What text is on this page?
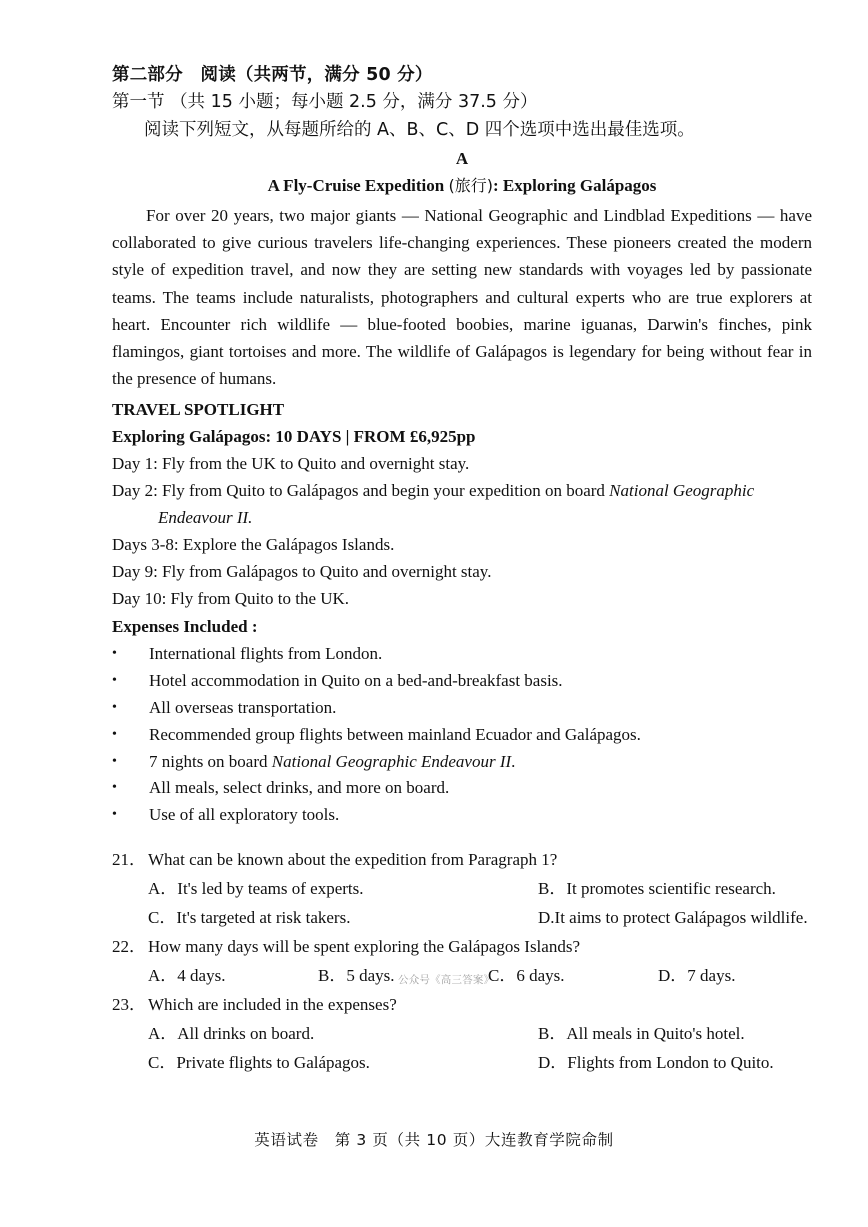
第二部分　阅读（共两节，满分 50 分）
第一节 （共 15 小题；每小题 2.5 分，满分 37.5 分）
阅读下列短文，从每题所给的 A、B、C、D 四个选项中选出最佳选项。
A
A Fly-Cruise Expedition (旅行): Exploring Galápagos
For over 20 years, two major giants — National Geographic and Lindblad Expeditions — have collaborated to give curious travelers life-changing experiences. These pioneers created the modern style of expedition travel, and now they are setting new standards with voyages led by passionate teams. The teams include naturalists, photographers and cultural experts who are true explorers at heart. Encounter rich wildlife — blue-footed boobies, marine iguanas, Darwin's finches, pink flamingos, giant tortoises and more. The wildlife of Galápagos is legendary for being without fear in the presence of humans.
TRAVEL SPOTLIGHT
Exploring Galápagos: 10 DAYS | FROM £6,925pp
Day 1: Fly from the UK to Quito and overnight stay.
Day 2: Fly from Quito to Galápagos and begin your expedition on board National Geographic
Endeavour II.
Days 3-8: Explore the Galápagos Islands.
Day 9: Fly from Galápagos to Quito and overnight stay.
Day 10: Fly from Quito to the UK.
Expenses Included :
•	International flights from London.
•	Hotel accommodation in Quito on a bed-and-breakfast basis.
•	All overseas transportation.
•	Recommended group flights between mainland Ecuador and Galápagos.
•	7 nights on board National Geographic Endeavour II.
•	All meals, select drinks, and more on board.
•	Use of all exploratory tools.
21． What can be known about the expedition from Paragraph 1?
A．It's led by teams of experts.	B．It promotes scientific research.
C．It's targeted at risk takers.	D.It aims to protect Galápagos wildlife.
22． How many days will be spent exploring the Galápagos Islands?
A．4 days.	B．5 days.	C．6 days.	D．7 days.
23． Which are included in the expenses?
A．All drinks on board.	B．All meals in Quito's hotel.
C．Private flights to Galápagos.	D．Flights from London to Quito.
公众号《高三答案》
英语试卷　第 3 页（共 10 页）大连教育学院命制
